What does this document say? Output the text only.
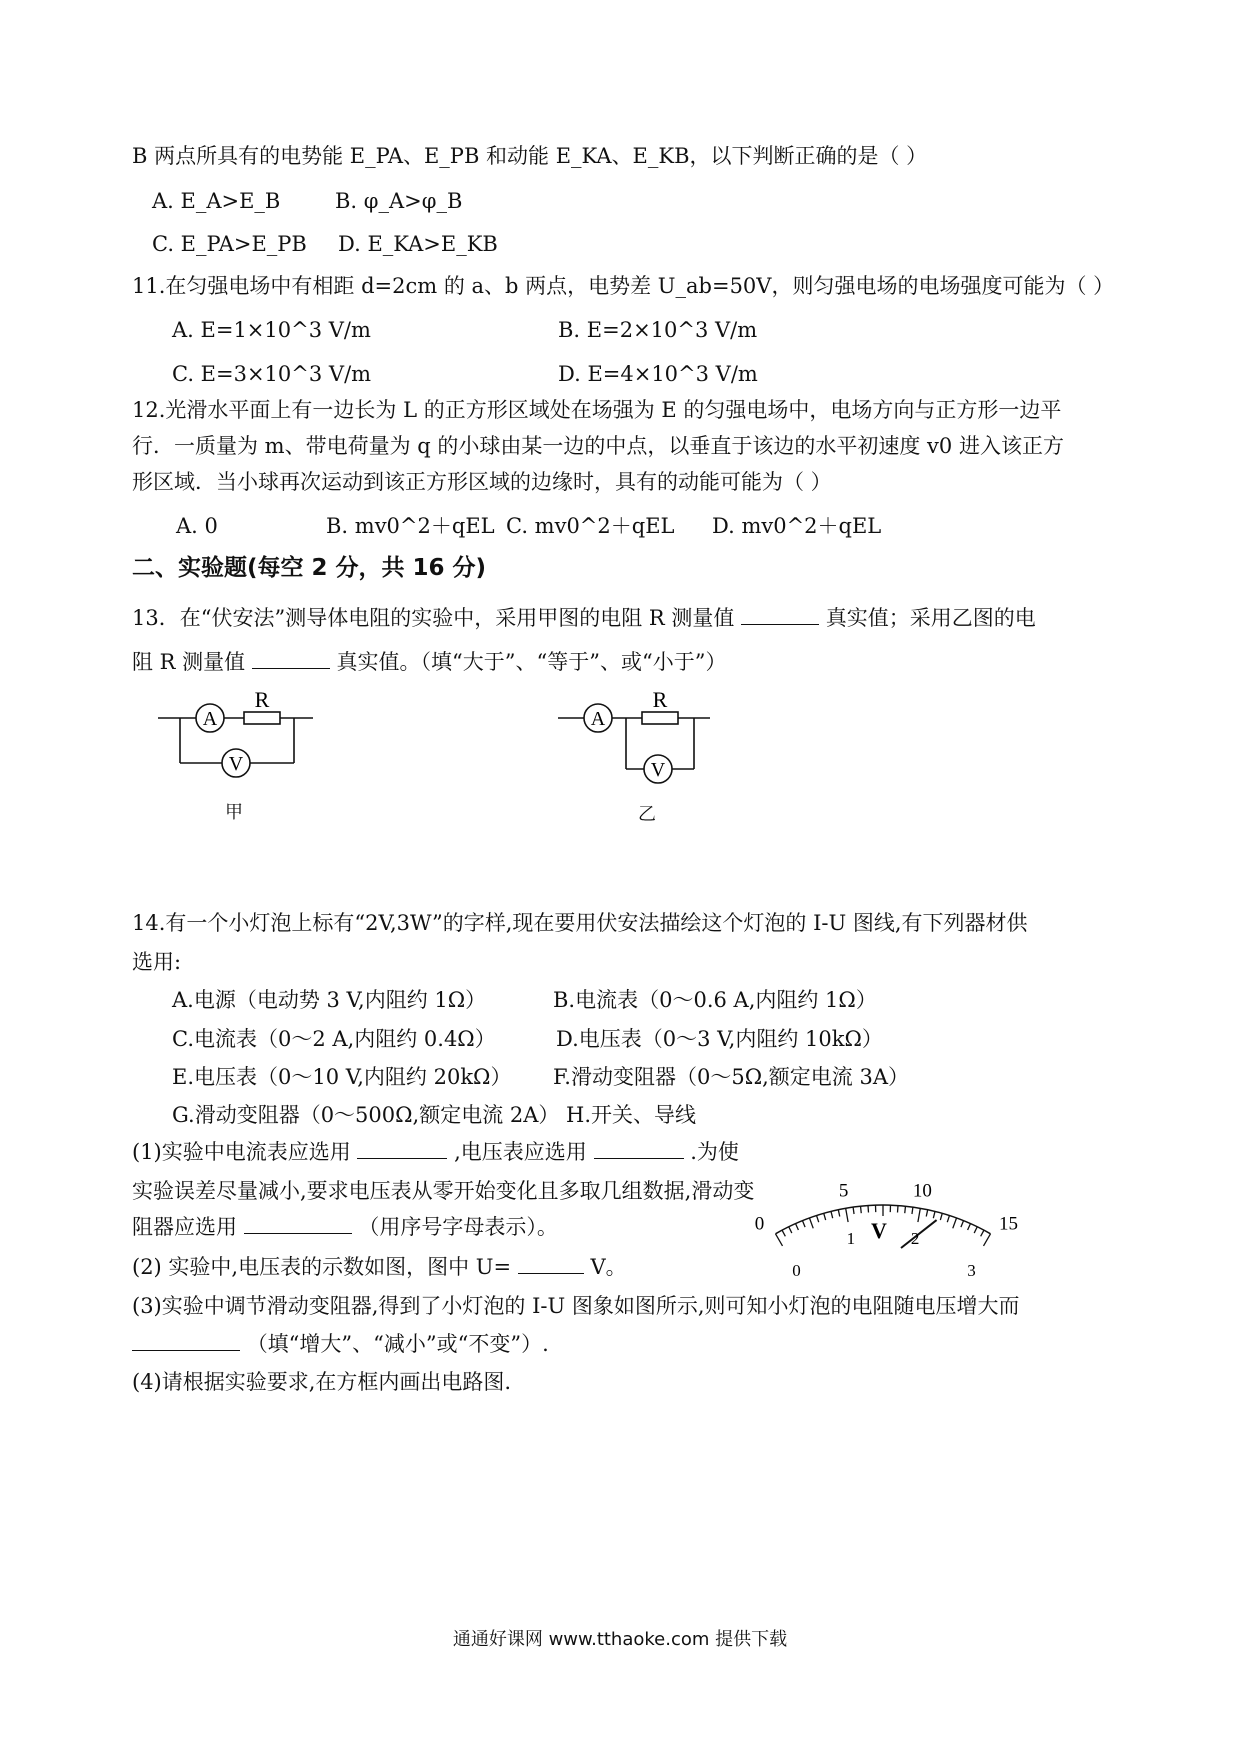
B 两点所具有的电势能 E_PA、E_PB 和动能 E_KA、E_KB，以下判断正确的是（ ）
A. E_A>E_B	B. φ_A>φ_B
C. E_PA>E_PB D. E_KA>E_KB
11.在匀强电场中有相距 d=2cm 的 a、b 两点，电势差 U_ab=50V，则匀强电场的电场强度可能为（ ）
A. E=1×10^3 V/m	B. E=2×10^3 V/m
C. E=3×10^3 V/m	D. E=4×10^3 V/m
12.光滑水平面上有一边长为 L 的正方形区域处在场强为 E 的匀强电场中，电场方向与正方形一边平
行．一质量为 m、带电荷量为 q 的小球由某一边的中点，以垂直于该边的水平初速度 v0 进入该正方
形区域．当小球再次运动到该正方形区域的边缘时，具有的动能可能为（ ）
A. 0	B. mv0^2＋qEL C. mv0^2＋qEL D. mv0^2＋qEL
二、实验题(每空 2 分，共 16 分)
13．在“伏安法”测导体电阻的实验中，采用甲图的电阻 R 测量值	真实值；采用乙图的电
阻 R 测量值	真实值。（填“大于”、“等于”、或“小于”）
A
R
V
甲
A
R
V
乙
14.有一个小灯泡上标有“2V,3W”的字样,现在要用伏安法描绘这个灯泡的 I-U 图线,有下列器材供
选用:
A.电源（电动势 3 V,内阻约 1Ω）	B.电流表（0～0.6 A,内阻约 1Ω）
C.电流表（0～2 A,内阻约 0.4Ω）	D.电压表（0～3 V,内阻约 10kΩ）
E.电压表（0～10 V,内阻约 20kΩ） F.滑动变阻器（0～5Ω,额定电流 3A）
G.滑动变阻器（0～500Ω,额定电流 2A） H.开关、导线
(1)实验中电流表应选用	,电压表应选用	.为使
实验误差尽量减小,要求电压表从零开始变化且多取几组数据,滑动变
阻器应选用	（用序号字母表示）。
(2) 实验中,电压表的示数如图，图中 U=	V。
(3)实验中调节滑动变阻器,得到了小灯泡的 I-U 图象如图所示,则可知小灯泡的电阻随电压增大而
（填“增大”、“减小”或“不变”）.
(4)请根据实验要求,在方框内画出电路图.
0
5	10
15
0
1	2
3
V
通通好课网 www.tthaoke.com 提供下载
